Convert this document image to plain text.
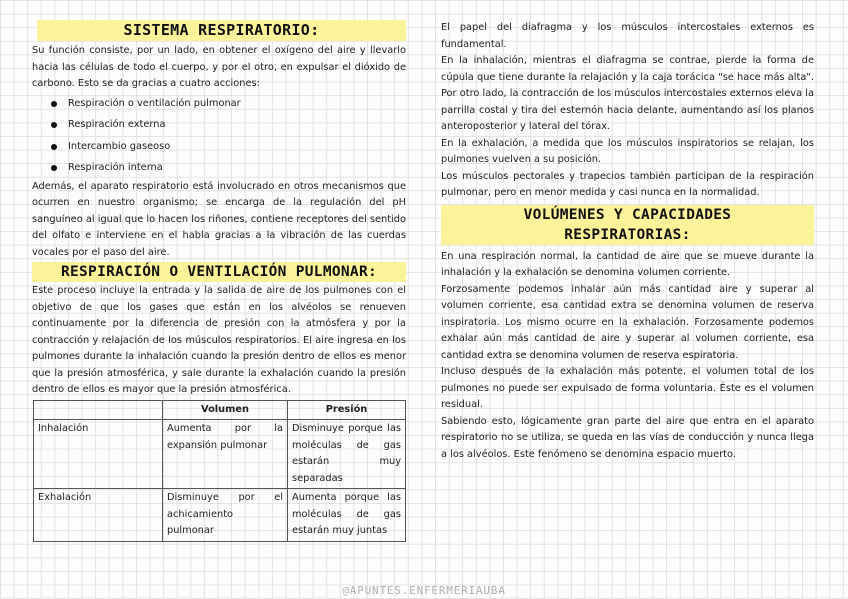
SISTEMA RESPIRATORIO:

Su función consiste, por un lado, en obtener el oxígeno del aire y llevarlo hacia las células de todo el cuerpo, y por el otro, en expulsar el dióxido de carbono. Esto se da gracias a cuatro acciones:

Respiración o ventilación pulmonar
Respiración externa
Intercambio gaseoso
Respiración interna

Además, el aparato respiratorio está involucrado en otros mecanismos que ocurren en nuestro organismo; se encarga de la regulación del pH sanguíneo al igual que lo hacen los riñones, contiene receptores del sentido del olfato e interviene en el habla gracias a la vibración de las cuerdas vocales por el paso del aire.

RESPIRACIÓN O VENTILACIÓN PULMONAR:

Este proceso incluye la entrada y la salida de aire de los pulmones con el objetivo de que los gases que están en los alvéolos se renueven continuamente por la diferencia de presión con la atmósfera y por la contracción y relajación de los músculos respiratorios. El aire ingresa en los pulmones durante la inhalación cuando la presión dentro de ellos es menor que la presión atmosférica, y sale durante la exhalación cuando la presión dentro de ellos es mayor que la presión atmosférica.

	Volumen	Presión
Inhalación	Aumenta por la expansión pulmonar	Disminuye porque las moléculas de gas estarán muy separadas
Exhalación	Disminuye por el achicamiento pulmonar	Aumenta porque las moléculas de gas estarán muy juntas

El papel del diafragma y los músculos intercostales externos es fundamental.

En la inhalación, mientras el diafragma se contrae, pierde la forma de cúpula que tiene durante la relajación y la caja torácica "se hace más alta". Por otro lado, la contracción de los músculos intercostales externos eleva la parrilla costal y tira del esternón hacia delante, aumentando así los planos anteroposterior y lateral del tórax.

En la exhalación, a medida que los músculos inspiratorios se relajan, los pulmones vuelven a su posición.

Los músculos pectorales y trapecios también participan de la respiración pulmonar, pero en menor medida y casi nunca en la normalidad.

VOLÚMENES Y CAPACIDADES
RESPIRATORIAS:

En una respiración normal, la cantidad de aire que se mueve durante la inhalación y la exhalación se denomina volumen corriente.

Forzosamente podemos inhalar aún más cantidad aire y superar al volumen corriente, esa cantidad extra se denomina volumen de reserva inspiratoria. Los mismo ocurre en la exhalación. Forzosamente podemos exhalar aún más cantidad de aire y superar al volumen corriente, esa cantidad extra se denomina volumen de reserva espiratoria.

Incluso después de la exhalación más potente, el volumen total de los pulmones no puede ser expulsado de forma voluntaria. Éste es el volumen residual.

Sabiendo esto, lógicamente gran parte del aire que entra en el aparato respiratorio no se utiliza, se queda en las vías de conducción y nunca llega a los alvéolos. Este fenómeno se denomina espacio muerto.

@APUNTES.ENFERMERIAUBA
